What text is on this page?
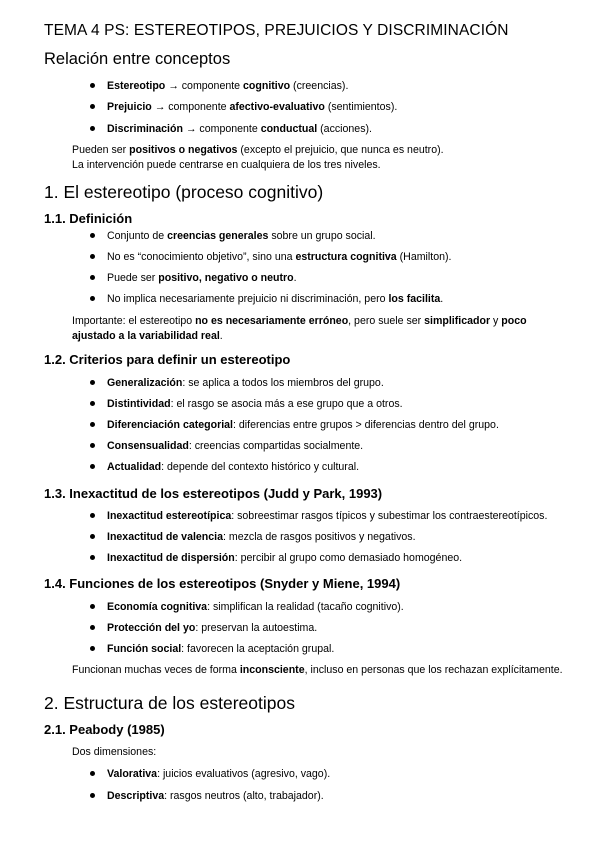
TEMA 4 PS: ESTEREOTIPOS, PREJUICIOS Y DISCRIMINACIÓN
Relación entre conceptos
Estereotipo → componente cognitivo (creencias).
Prejuicio → componente afectivo-evaluativo (sentimientos).
Discriminación → componente conductual (acciones).
Pueden ser positivos o negativos (excepto el prejuicio, que nunca es neutro).
La intervención puede centrarse en cualquiera de los tres niveles.
1. El estereotipo (proceso cognitivo)
1.1. Definición
Conjunto de creencias generales sobre un grupo social.
No es “conocimiento objetivo”, sino una estructura cognitiva (Hamilton).
Puede ser positivo, negativo o neutro.
No implica necesariamente prejuicio ni discriminación, pero los facilita.
Importante: el estereotipo no es necesariamente erróneo, pero suele ser simplificador y poco
ajustado a la variabilidad real.
1.2. Criterios para definir un estereotipo
Generalización: se aplica a todos los miembros del grupo.
Distintividad: el rasgo se asocia más a ese grupo que a otros.
Diferenciación categorial: diferencias entre grupos > diferencias dentro del grupo.
Consensualidad: creencias compartidas socialmente.
Actualidad: depende del contexto histórico y cultural.
1.3. Inexactitud de los estereotipos (Judd y Park, 1993)
Inexactitud estereotípica: sobreestimar rasgos típicos y subestimar los contraestereotípicos.
Inexactitud de valencia: mezcla de rasgos positivos y negativos.
Inexactitud de dispersión: percibir al grupo como demasiado homogéneo.
1.4. Funciones de los estereotipos (Snyder y Miene, 1994)
Economía cognitiva: simplifican la realidad (tacaño cognitivo).
Protección del yo: preservan la autoestima.
Función social: favorecen la aceptación grupal.
Funcionan muchas veces de forma inconsciente, incluso en personas que los rechazan explícitamente.
2. Estructura de los estereotipos
2.1. Peabody (1985)
Dos dimensiones:
Valorativa: juicios evaluativos (agresivo, vago).
Descriptiva: rasgos neutros (alto, trabajador).
